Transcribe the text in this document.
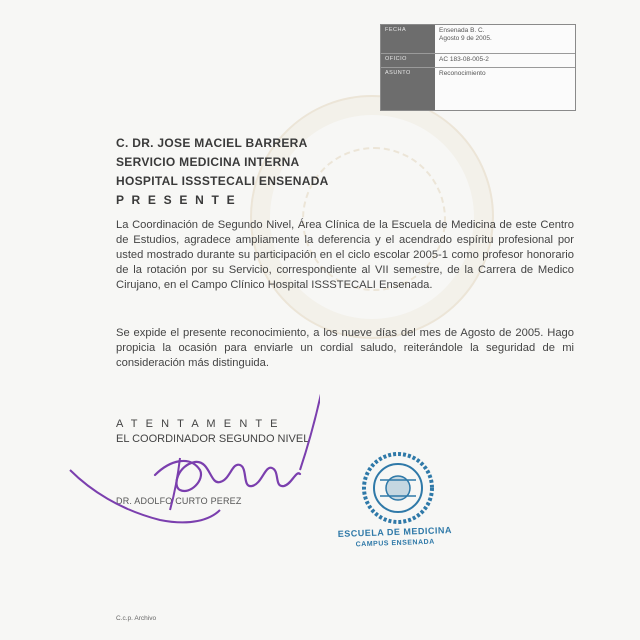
FECHA	Ensenada B. C.
Agosto 9 de 2005.
OFICIO	AC 183-08-005-2
ASUNTO	Reconocimiento
C. DR. JOSE MACIEL BARRERA
SERVICIO MEDICINA INTERNA
HOSPITAL ISSSTECALI ENSENADA
P R E S E N T E
La Coordinación de Segundo Nivel, Área Clínica de la Escuela de Medicina de este Centro de Estudios, agradece ampliamente la deferencia y el acendrado espíritu profesional por usted mostrado durante su participación en el ciclo escolar 2005-1 como profesor honorario de la rotación por su Servicio, correspondiente al VII semestre, de la Carrera de Medico Cirujano, en el Campo Clínico Hospital ISSSTECALI Ensenada.
Se expide el presente reconocimiento, a los nueve días del mes de Agosto de 2005. Hago propicia la ocasión para enviarle un cordial saludo, reiterándole la seguridad de mi consideración más distinguida.
A T E N T A M E N T E
EL COORDINADOR SEGUNDO NIVEL
DR. ADOLFO CURTO PEREZ
ESCUELA DE MEDICINA
CAMPUS ENSENADA
C.c.p. Archivo
